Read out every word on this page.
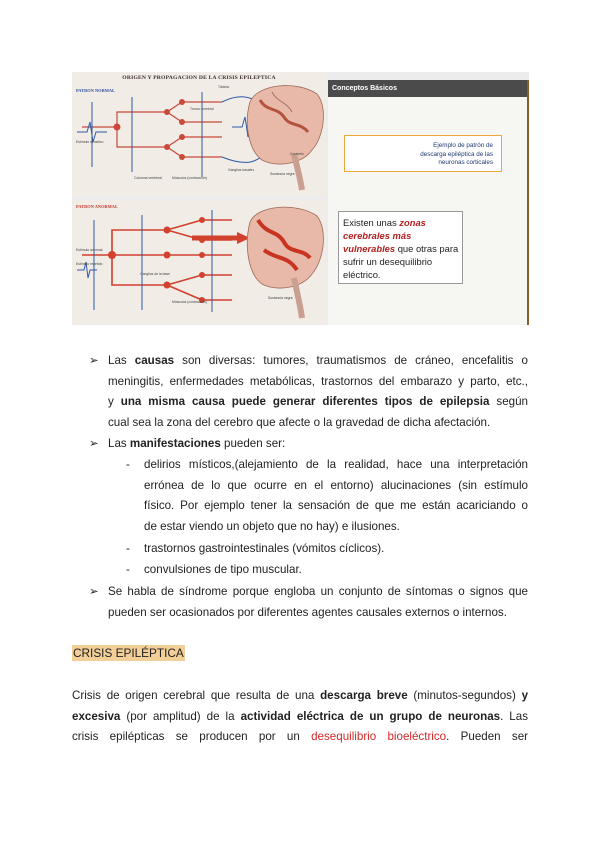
ORIGEN Y PROPAGACION DE LA CRISIS EPILEPTICA
PATRON NORMAL
Tálamo
Estímulo sensitivo
Tronco cerebral
Columna vertebral
Cerebelo
Ganglios basales
Músculos (contracción)
Sustancia negra
PATRON ANORMAL
Estímulo anormal
Estímulo repetido
Ganglios de la base
Músculos (contracción)
Sustancia negra
Conceptos Básicos
Ejemplo de patrón de
descarga epiléptica de las
neuronas corticales
Existen unas zonas cerebrales más vulnerables que otras para sufrir un desequilibrio eléctrico.
➢ Las causas son diversas: tumores, traumatismos de cráneo, encefalitis o
meningitis, enfermedades metabólicas, trastornos del embarazo y parto, etc.,
y una misma causa puede generar diferentes tipos de epilepsia según
cual sea la zona del cerebro que afecte o la gravedad de dicha afectación.
➢ Las manifestaciones pueden ser:
- delirios místicos,(alejamiento de la realidad, hace una interpretación
errónea de lo que ocurre en el entorno) alucinaciones (sin estímulo
físico. Por ejemplo tener la sensación de que me están acariciando o
de estar viendo un objeto que no hay) e ilusiones.
- trastornos gastrointestinales (vómitos cíclicos).
- convulsiones de tipo muscular.
➢ Se habla de síndrome porque engloba un conjunto de síntomas o signos que
pueden ser ocasionados por diferentes agentes causales externos o internos.
CRISIS EPILÉPTICA
Crisis de origen cerebral que resulta de una descarga breve (minutos-segundos) y
excesiva (por amplitud) de la actividad eléctrica de un grupo de neuronas. Las
crisis epilépticas se producen por un desequilibrio bioeléctrico. Pueden ser
